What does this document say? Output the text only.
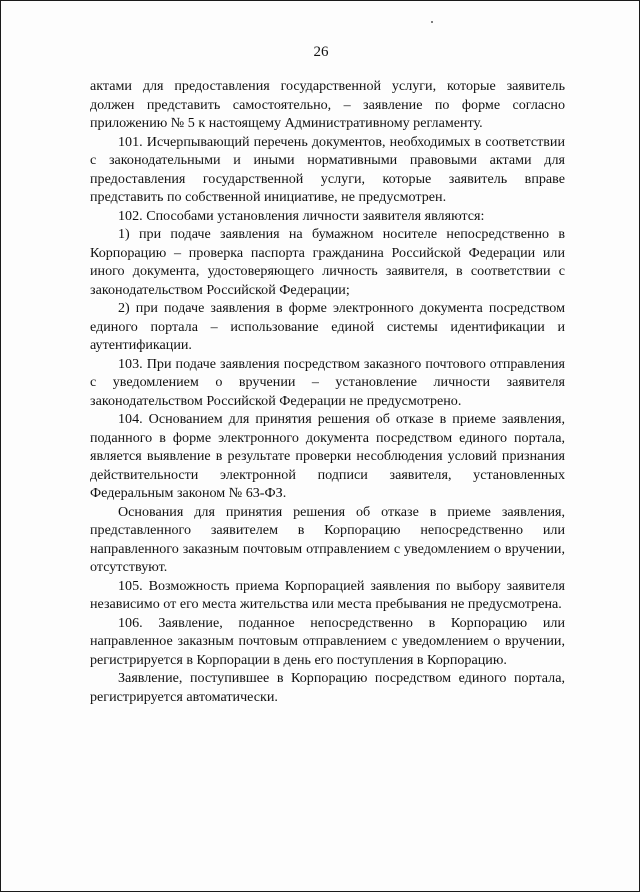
26

актами для предоставления государственной услуги, которые заявитель должен представить самостоятельно, – заявление по форме согласно приложению № 5 к настоящему Административному регламенту.

101. Исчерпывающий перечень документов, необходимых в соответствии с законодательными и иными нормативными правовыми актами для предоставления государственной услуги, которые заявитель вправе представить по собственной инициативе, не предусмотрен.

102. Способами установления личности заявителя являются:

1) при подаче заявления на бумажном носителе непосредственно в Корпорацию – проверка паспорта гражданина Российской Федерации или иного документа, удостоверяющего личность заявителя, в соответствии с законодательством Российской Федерации;

2) при подаче заявления в форме электронного документа посредством единого портала – использование единой системы идентификации и аутентификации.

103. При подаче заявления посредством заказного почтового отправления с уведомлением о вручении – установление личности заявителя законодательством Российской Федерации не предусмотрено.

104. Основанием для принятия решения об отказе в приеме заявления, поданного в форме электронного документа посредством единого портала, является выявление в результате проверки несоблюдения условий признания действительности электронной подписи заявителя, установленных Федеральным законом № 63-ФЗ.

Основания для принятия решения об отказе в приеме заявления, представленного заявителем в Корпорацию непосредственно или направленного заказным почтовым отправлением с уведомлением о вручении, отсутствуют.

105. Возможность приема Корпорацией заявления по выбору заявителя независимо от его места жительства или места пребывания не предусмотрена.

106. Заявление, поданное непосредственно в Корпорацию или направленное заказным почтовым отправлением с уведомлением о вручении, регистрируется в Корпорации в день его поступления в Корпорацию.

Заявление, поступившее в Корпорацию посредством единого портала, регистрируется автоматически.
